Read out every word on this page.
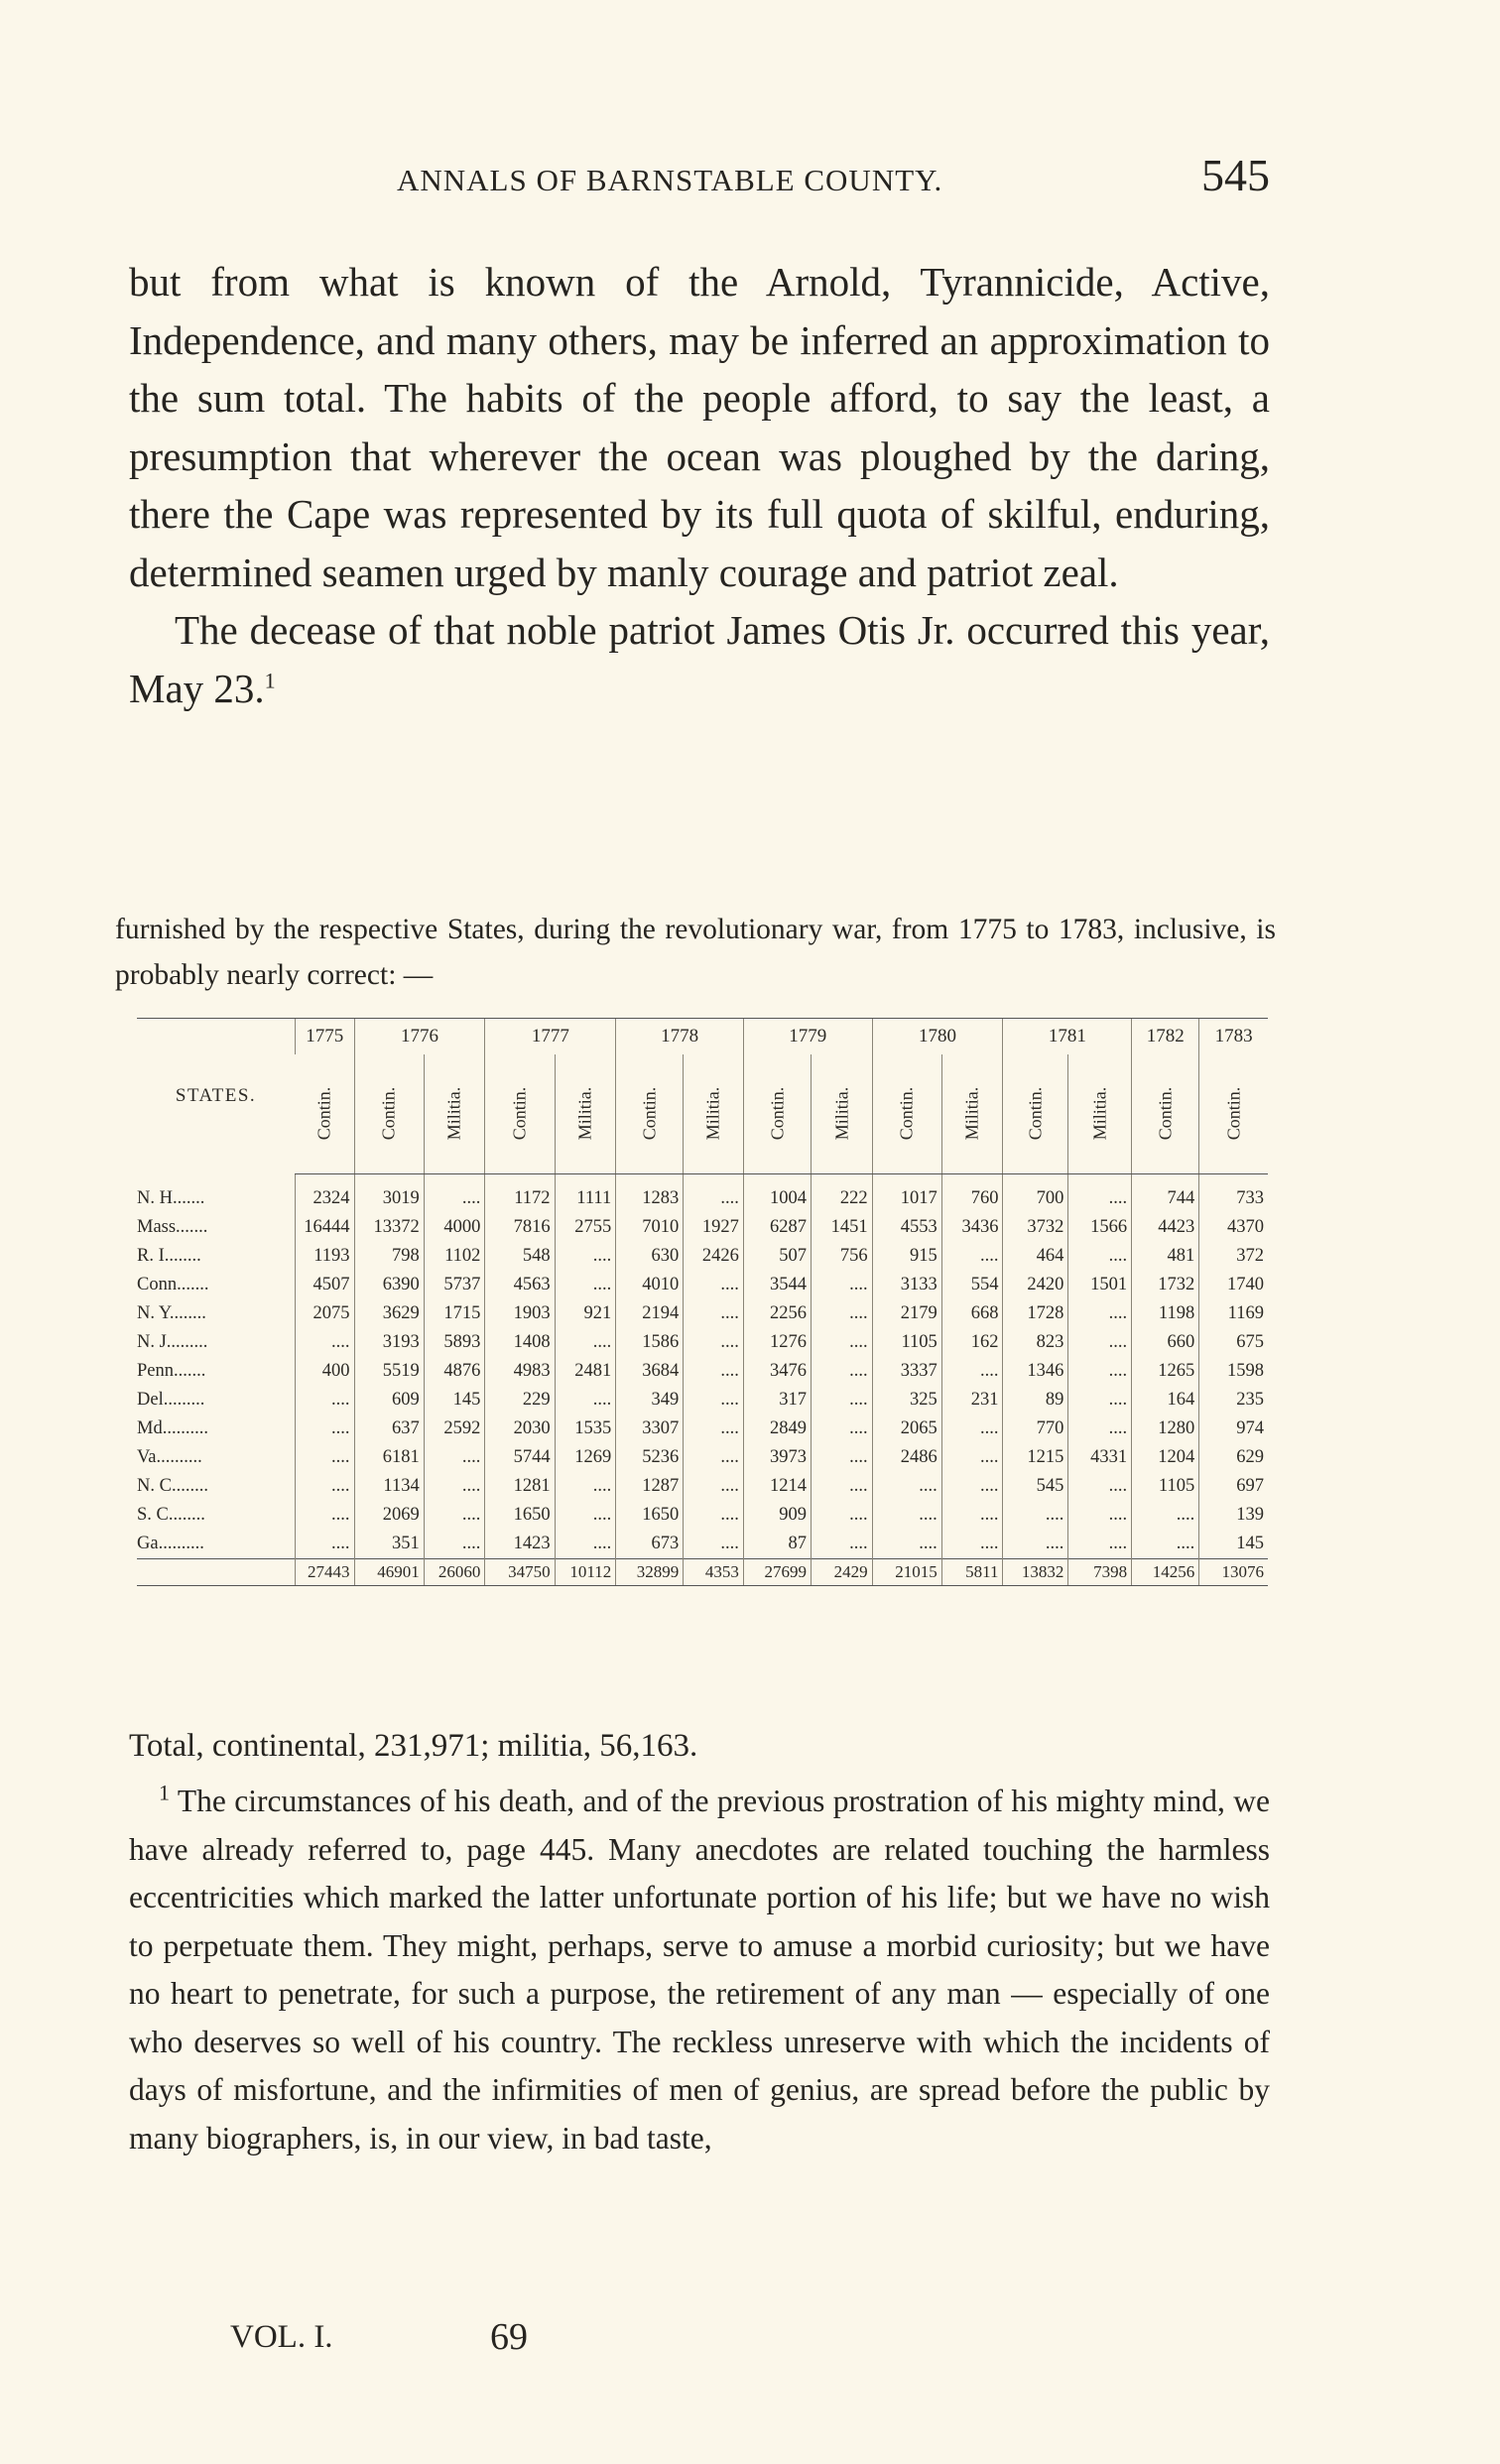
ANNALS OF BARNSTABLE COUNTY.	545

but from what is known of the Arnold, Tyrannicide, Active, Independence, and many others, may be inferred an approximation to the sum total. The habits of the people afford, to say the least, a presumption that wherever the ocean was ploughed by the daring, there the Cape was represented by its full quota of skilful, enduring, determined seamen urged by manly courage and patriot zeal.

The decease of that noble patriot James Otis Jr. occurred this year, May 23.$^1$

furnished by the respective States, during the revolutionary war, from 1775 to 1783, inclusive, is probably nearly correct: —

STATES.	1775	1776		1777		1778		1779		1780		1781		1782	1783
	Contin.	Contin.	Militia.	Contin.	Militia.	Contin.	Militia.	Contin.	Militia.	Contin.	Militia.	Contin.	Militia.	Contin.	Contin.
N. H.......	2324	3019	....	1172	1111	1283	....	1004	222	1017	760	700	....	744	733
Mass.......	16444	13372	4000	7816	2755	7010	1927	6287	1451	4553	3436	3732	1566	4423	4370
R. I........	1193	798	1102	548	....	630	2426	507	756	915	....	464	....	481	372
Conn.......	4507	6390	5737	4563	....	4010	....	3544	....	3133	554	2420	1501	1732	1740
N. Y........	2075	3629	1715	1903	921	2194	....	2256	....	2179	668	1728	....	1198	1169
N. J.........	....	3193	5893	1408	....	1586	....	1276	....	1105	162	823	....	660	675
Penn.......	400	5519	4876	4983	2481	3684	....	3476	....	3337	....	1346	....	1265	1598
Del.........	....	609	145	229	....	349	....	317	....	325	231	89	....	164	235
Md..........	....	637	2592	2030	1535	3307	....	2849	....	2065	....	770	....	1280	974
Va..........	....	6181	....	5744	1269	5236	....	3973	....	2486	....	1215	4331	1204	629
N. C........	....	1134	....	1281	....	1287	....	1214	....	....	....	545	....	1105	697
S. C........	....	2069	....	1650	....	1650	....	909	....	....	....	....	....	....	139
Ga..........	....	351	....	1423	....	673	....	87	....	....	....	....	....	....	145
	27443	46901	26060	34750	10112	32899	4353	27699	2429	21015	5811	13832	7398	14256	13076
Total, continental, 231,971; militia, 56,163.

$^1$ The circumstances of his death, and of the previous prostration of his mighty mind, we have already referred to, page 445. Many anecdotes are related touching the harmless eccentricities which marked the latter unfortunate portion of his life; but we have no wish to perpetuate them. They might, perhaps, serve to amuse a morbid curiosity; but we have no heart to penetrate, for such a purpose, the retirement of any man — especially of one who deserves so well of his country. The reckless unreserve with which the incidents of days of misfortune, and the infirmities of men of genius, are spread before the public by many biographers, is, in our view, in bad taste,

VOL. I.	69
